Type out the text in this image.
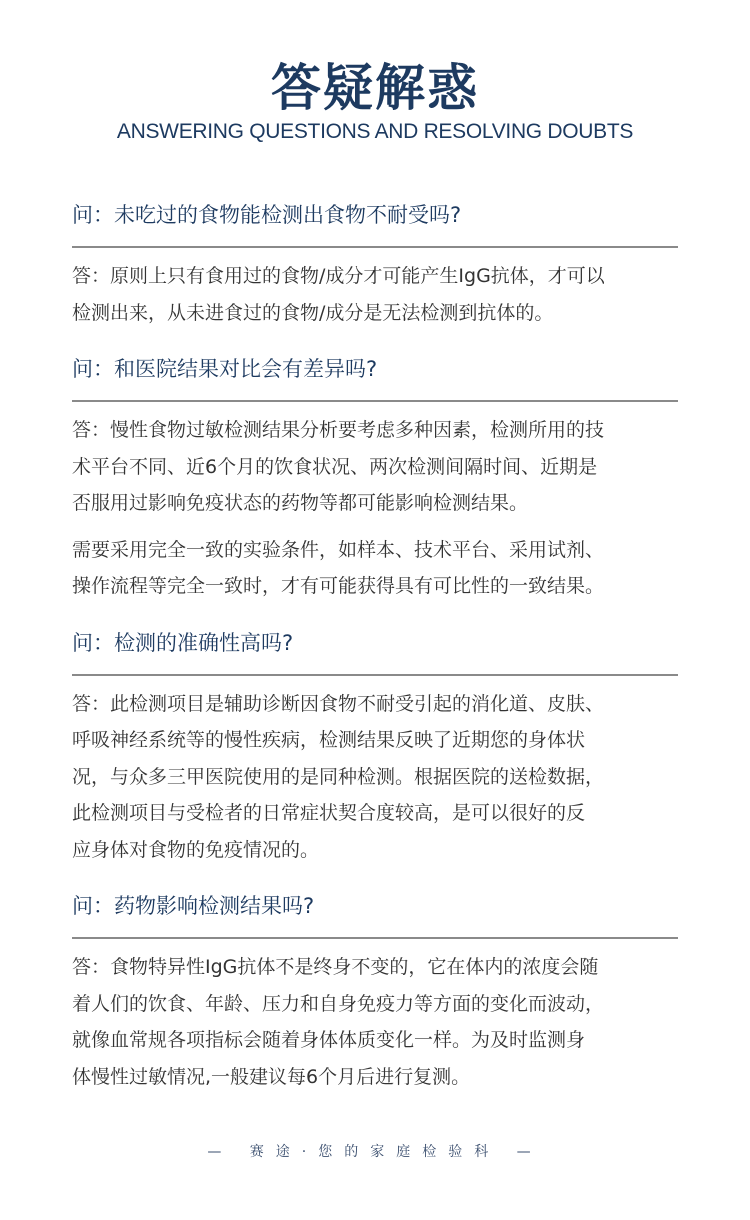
答疑解惑
ANSWERING QUESTIONS AND RESOLVING DOUBTS
问：未吃过的食物能检测出食物不耐受吗?
答：原则上只有食用过的食物/成分才可能产生IgG抗体，才可以
检测出来，从未进食过的食物/成分是无法检测到抗体的。
问：和医院结果对比会有差异吗?
答：慢性食物过敏检测结果分析要考虑多种因素，检测所用的技
术平台不同、近6个月的饮食状况、两次检测间隔时间、近期是
否服用过影响免疫状态的药物等都可能影响检测结果。
需要采用完全一致的实验条件，如样本、技术平台、采用试剂、
操作流程等完全一致时，才有可能获得具有可比性的一致结果。
问：检测的准确性高吗?
答：此检测项目是辅助诊断因食物不耐受引起的消化道、皮肤、
呼吸神经系统等的慢性疾病，检测结果反映了近期您的身体状
况，与众多三甲医院使用的是同种检测。根据医院的送检数据，
此检测项目与受检者的日常症状契合度较高，是可以很好的反
应身体对食物的免疫情况的。
问：药物影响检测结果吗?
答：食物特异性IgG抗体不是终身不变的，它在体内的浓度会随
着人们的饮食、年龄、压力和自身免疫力等方面的变化而波动，
就像血常规各项指标会随着身体体质变化一样。为及时监测身
体慢性过敏情况,一般建议每6个月后进行复测。
— 赛途·您的家庭检验科 —
